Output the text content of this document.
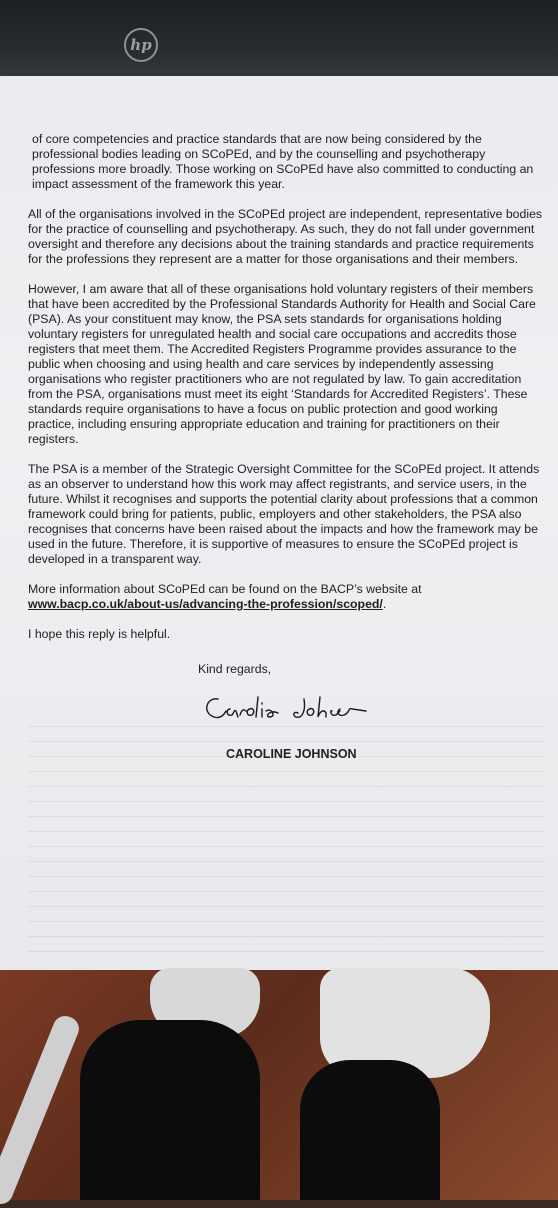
hp

of core competencies and practice standards that are now being considered by the professional bodies leading on SCoPEd, and by the counselling and psychotherapy professions more broadly. Those working on SCoPEd have also committed to conducting an impact assessment of the framework this year.

All of the organisations involved in the SCoPEd project are independent, representative bodies for the practice of counselling and psychotherapy. As such, they do not fall under government oversight and therefore any decisions about the training standards and practice requirements for the professions they represent are a matter for those organisations and their members.

However, I am aware that all of these organisations hold voluntary registers of their members that have been accredited by the Professional Standards Authority for Health and Social Care (PSA). As your constituent may know, the PSA sets standards for organisations holding voluntary registers for unregulated health and social care occupations and accredits those registers that meet them. The Accredited Registers Programme provides assurance to the public when choosing and using health and care services by independently assessing organisations who register practitioners who are not regulated by law. To gain accreditation from the PSA, organisations must meet its eight ‘Standards for Accredited Registers’. These standards require organisations to have a focus on public protection and good working practice, including ensuring appropriate education and training for practitioners on their registers.

The PSA is a member of the Strategic Oversight Committee for the SCoPEd project. It attends as an observer to understand how this work may affect registrants, and service users, in the future. Whilst it recognises and supports the potential clarity about professions that a common framework could bring for patients, public, employers and other stakeholders, the PSA also recognises that concerns have been raised about the impacts and how the framework may be used in the future. Therefore, it is supportive of measures to ensure the SCoPEd project is developed in a transparent way.

More information about SCoPEd can be found on the BACP’s website at
www.bacp.co.uk/about-us/advancing-the-profession/scoped/.

I hope this reply is helpful.

Kind regards,
CAROLINE JOHNSON
